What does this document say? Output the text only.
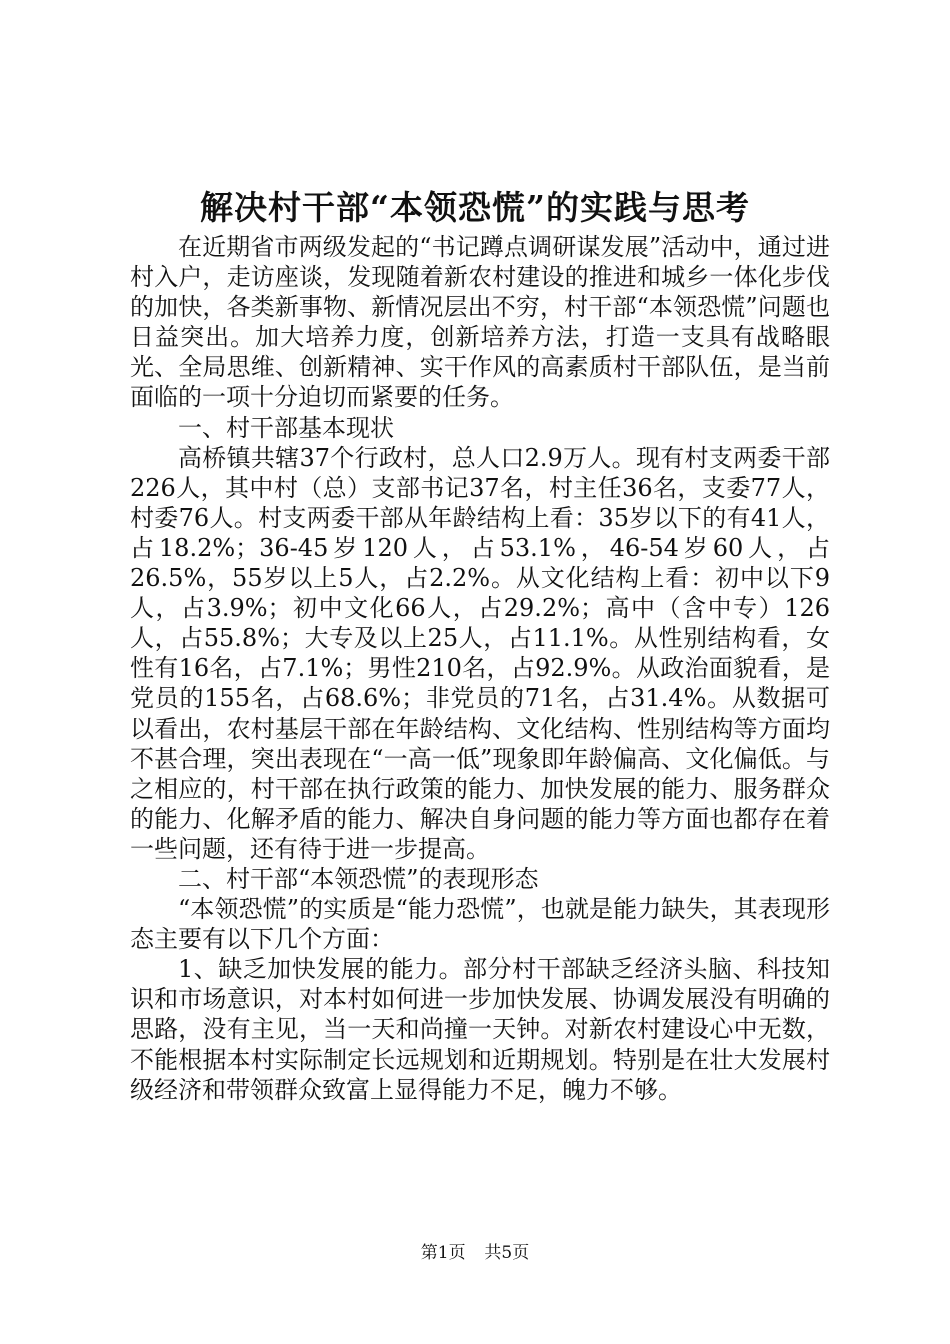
解决村干部“本领恐慌”的实践与思考

在近期省市两级发起的“书记蹲点调研谋发展”活动中，通过进村入户，走访座谈，发现随着新农村建设的推进和城乡一体化步伐的加快，各类新事物、新情况层出不穷，村干部“本领恐慌”问题也日益突出。加大培养力度，创新培养方法，打造一支具有战略眼光、全局思维、创新精神、实干作风的高素质村干部队伍，是当前面临的一项十分迫切而紧要的任务。

一、村干部基本现状

高桥镇共辖37个行政村，总人口2.9万人。现有村支两委干部226人，其中村（总）支部书记37名，村主任36名，支委77人，村委76人。村支两委干部从年龄结构上看：35岁以下的有41人，占18.2%；36-45岁120人，占53.1%，46-54岁60人，占26.5%，55岁以上5人，占2.2%。从文化结构上看：初中以下9人，占3.9%；初中文化66人，占29.2%；高中（含中专）126人，占55.8%；大专及以上25人，占11.1%。从性别结构看，女性有16名，占7.1%；男性210名，占92.9%。从政治面貌看，是党员的155名，占68.6%；非党员的71名，占31.4%。从数据可以看出，农村基层干部在年龄结构、文化结构、性别结构等方面均不甚合理，突出表现在“一高一低”现象即年龄偏高、文化偏低。与之相应的，村干部在执行政策的能力、加快发展的能力、服务群众的能力、化解矛盾的能力、解决自身问题的能力等方面也都存在着一些问题，还有待于进一步提高。

二、村干部“本领恐慌”的表现形态

“本领恐慌”的实质是“能力恐慌”，也就是能力缺失，其表现形态主要有以下几个方面：

1、缺乏加快发展的能力。部分村干部缺乏经济头脑、科技知识和市场意识，对本村如何进一步加快发展、协调发展没有明确的思路，没有主见，当一天和尚撞一天钟。对新农村建设心中无数，不能根据本村实际制定长远规划和近期规划。特别是在壮大发展村级经济和带领群众致富上显得能力不足，魄力不够。

第1页 共5页
